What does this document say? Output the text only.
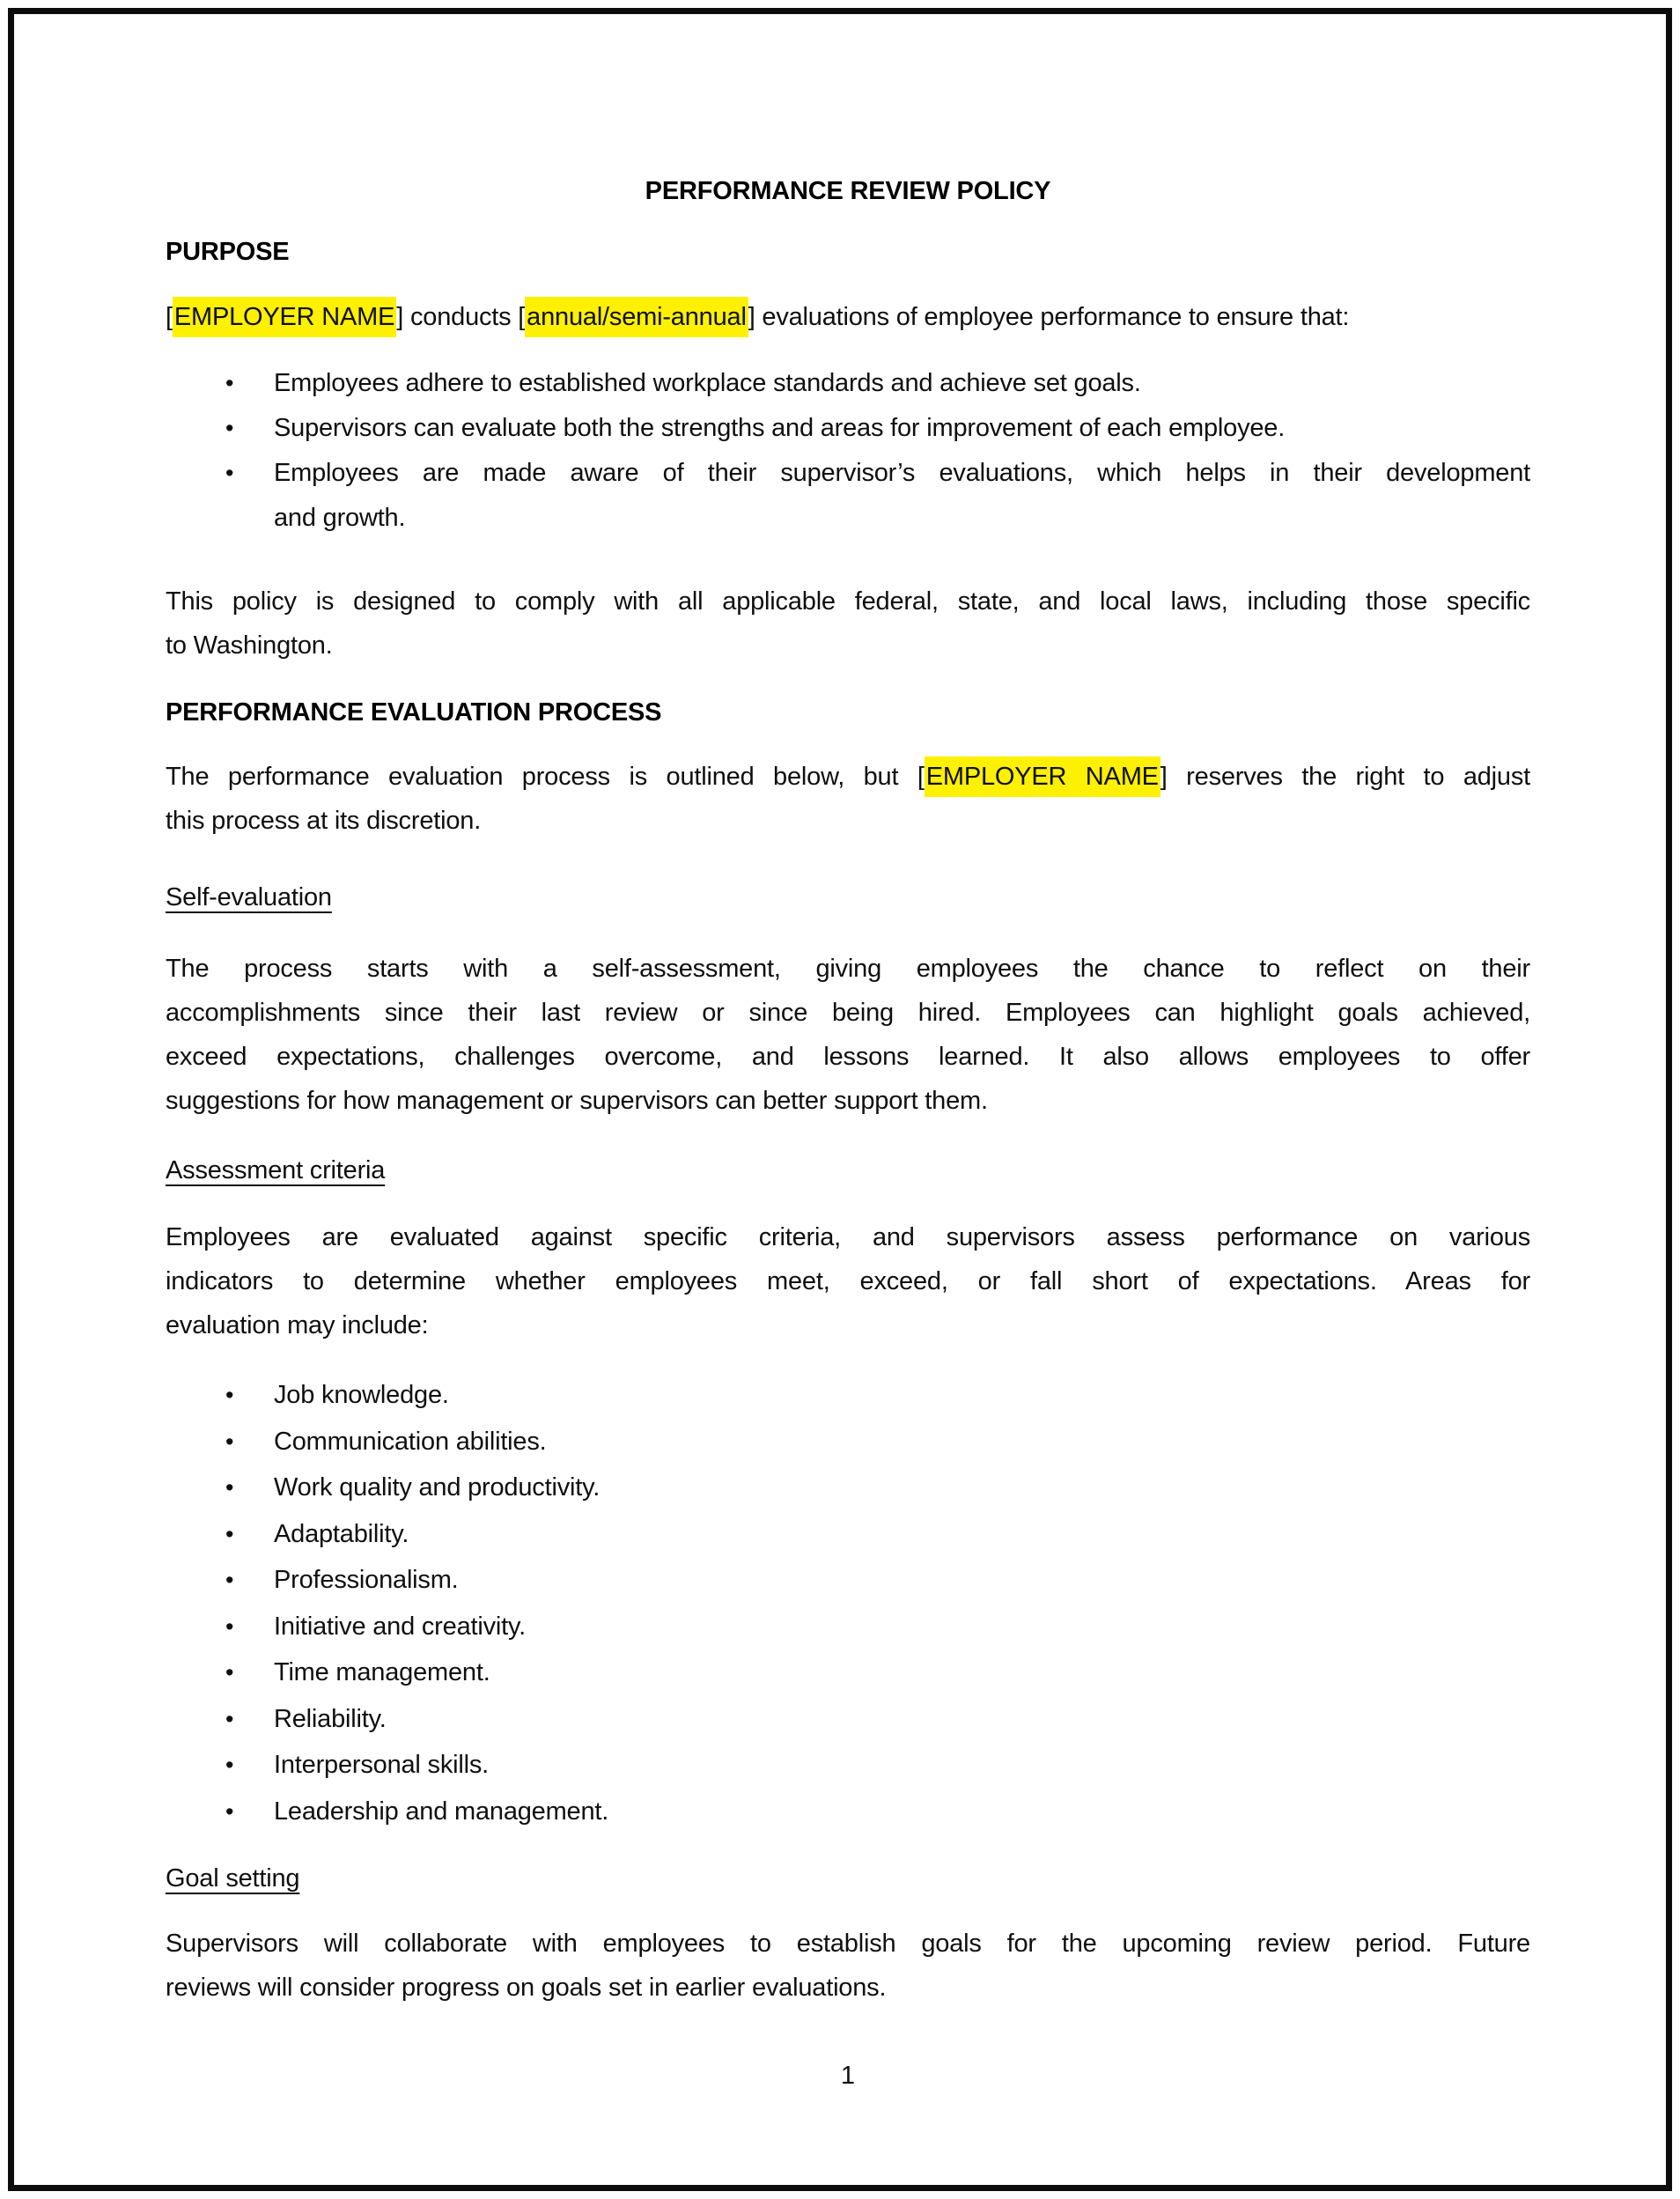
PERFORMANCE REVIEW POLICY
PURPOSE
[EMPLOYER NAME] conducts [annual/semi-annual] evaluations of employee performance to ensure that:
• Employees adhere to established workplace standards and achieve set goals.
• Supervisors can evaluate both the strengths and areas for improvement of each employee.
• Employees are made aware of their supervisor’s evaluations, which helps in their development
and growth.
This policy is designed to comply with all applicable federal, state, and local laws, including those specific
to Washington.
PERFORMANCE EVALUATION PROCESS
The performance evaluation process is outlined below, but [EMPLOYER NAME] reserves the right to adjust
this process at its discretion.
Self-evaluation
The process starts with a self-assessment, giving employees the chance to reflect on their
accomplishments since their last review or since being hired. Employees can highlight goals achieved,
exceed expectations, challenges overcome, and lessons learned. It also allows employees to offer
suggestions for how management or supervisors can better support them.
Assessment criteria
Employees are evaluated against specific criteria, and supervisors assess performance on various
indicators to determine whether employees meet, exceed, or fall short of expectations. Areas for
evaluation may include:
• Job knowledge.
• Communication abilities.
• Work quality and productivity.
• Adaptability.
• Professionalism.
• Initiative and creativity.
• Time management.
• Reliability.
• Interpersonal skills.
• Leadership and management.
Goal setting
Supervisors will collaborate with employees to establish goals for the upcoming review period. Future
reviews will consider progress on goals set in earlier evaluations.
1
